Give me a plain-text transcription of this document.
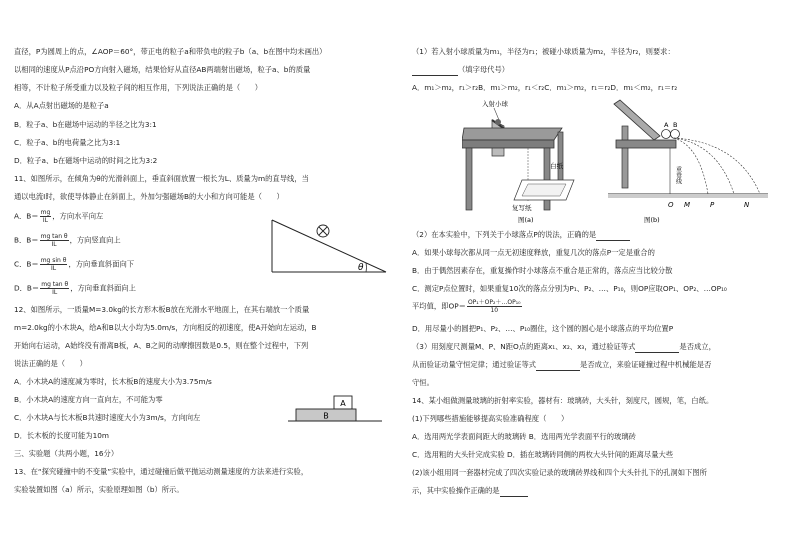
直径，P为圆周上的点，∠AOP＝60°，带正电的粒子a和带负电的粒子b（a、b在图中均未画出）
以相同的速度从P点沿PO方向射入磁场，结果恰好从直径AB两端射出磁场，粒子a、b的质量
相等，不计粒子所受重力以及粒子间的相互作用，下列说法正确的是（　　）
A．从A点射出磁场的是粒子a
B．粒子a、b在磁场中运动的半径之比为3:1
C．粒子a、b的电荷量之比为3:1
D．粒子a、b在磁场中运动的时间之比为3:2
11、如图所示，在倾角为θ的光滑斜面上，垂直斜面放置一根长为L、质量为m的直导线，当
通以电流I时，欲使导体静止在斜面上，外加匀强磁场B的大小和方向可能是（　　）
A．$B= \frac{mg}{IL}$ ，方向水平向左
B．$B= \frac{\text{mg tan θ}}{IL}$ ，方向竖直向上
C．$B= \frac{\text{mg sin θ}}{IL}$ ，方向垂直斜面向下
D．$B= \frac{\text{mg tan θ}}{IL}$ ，方向垂直斜面向上
θ
12、如图所示，一质量M=3.0kg的长方形木板B放在光滑水平地面上，在其右端放一个质量
m=2.0kg的小木块A，给A和B以大小均为5.0m/s，方向相反的初速度，使A开始向左运动，B
开始向右运动，A始终没有滑离B板，A、B之间的动摩擦因数是0.5，则在整个过程中，下列
说法正确的是（　　）
A．小木块A的速度减为零时，长木板B的速度大小为3.75m/s
B．小木块A的速度方向一直向左，不可能为零
C．小木块A与长木板B共速时速度大小为3m/s，方向向左
D．长木板的长度可能为10m
A
B
三、实验题（共两小题，16分）
13、在“探究碰撞中的不变量”实验中，通过碰撞后做平抛运动测量速度的方法来进行实验，
实验装置如图（a）所示，实验原理如图（b）所示。
（1）若入射小球质量为m₁，半径为r₁；被碰小球质量为m₂，半径为r₂，则要求：
（填字母代号）
A．m₁＞m₂，r₁＞r₂B．m₁＞m₂，r₁＜r₂C．m₁＞m₂，r₁＝r₂D．m₁＜m₂，r₁＝r₂
入射小球
白纸
复写纸
图(a)
A B
重垂线
O M	P	N
图(b)
（2）在本实验中，下列关于小球落点P的说法，正确的是
A．如果小球每次都从同一点无初速度释放，重复几次的落点P一定是重合的
B．由于偶然因素存在，重复操作时小球落点不重合是正常的，落点应当比较分散
C．测定P点位置时，如果重复10次的落点分别为P₁、P₂、…、P₁₀，则OP应取OP₁、OP₂、…OP₁₀
平均值，即$OP= \frac{\text{OP₁＋OP₂＋…OP₁₀}}{10}$
D．用尽量小的圆把P₁、P₂、…、P₁₀圈住，这个圆的圆心是小球落点的平均位置P
（3）用刻度尺测量M、P、N距O点的距离x₁、x₂、x₃，通过验证等式	是否成立，
从而验证动量守恒定律；通过验证等式	是否成立，来验证碰撞过程中机械能是否
守恒。
14、某小组做测量玻璃的折射率实验，器材有：玻璃砖，大头针，刻度尺，圆规，笔，白纸。
(1)下列哪些措施能够提高实验准确程度（　　）
A．选用两光学表面间距大的玻璃砖 B．选用两光学表面平行的玻璃砖
C．选用粗的大头针完成实验 D．插在玻璃砖同侧的两枚大头针间的距离尽量大些
(2)该小组用同一套器材完成了四次实验记录的玻璃砖界线和四个大头针扎下的孔洞如下图所
示，其中实验操作正确的是
